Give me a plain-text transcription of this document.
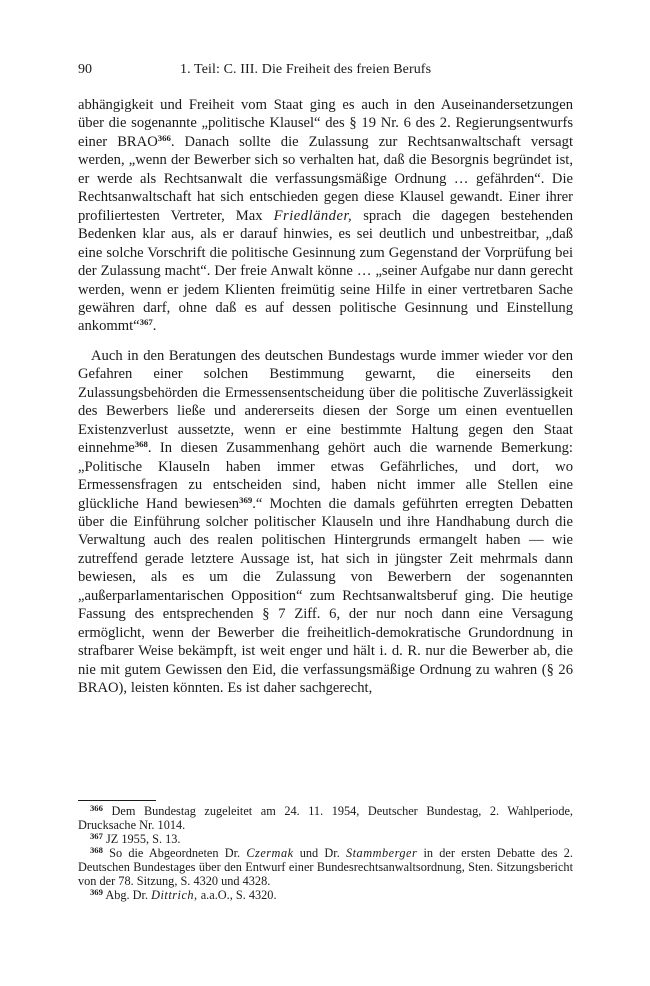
90	1. Teil: C. III. Die Freiheit des freien Berufs

abhängigkeit und Freiheit vom Staat ging es auch in den Auseinandersetzungen über die sogenannte „politische Klausel“ des § 19 Nr. 6 des 2. Regierungsentwurfs einer BRAO$^{366}$. Danach sollte die Zulassung zur Rechtsanwaltschaft versagt werden, „wenn der Bewerber sich so verhalten hat, daß die Besorgnis begründet ist, er werde als Rechtsanwalt die verfassungsmäßige Ordnung … gefährden“. Die Rechtsanwaltschaft hat sich entschieden gegen diese Klausel gewandt. Einer ihrer profiliertesten Vertreter, Max Friedländer, sprach die dagegen bestehenden Bedenken klar aus, als er darauf hinwies, es sei deutlich und unbestreitbar, „daß eine solche Vorschrift die politische Gesinnung zum Gegenstand der Vorprüfung bei der Zulassung macht“. Der freie Anwalt könne … „seiner Aufgabe nur dann gerecht werden, wenn er jedem Klienten freimütig seine Hilfe in einer vertretbaren Sache gewähren darf, ohne daß es auf dessen politische Gesinnung und Einstellung ankommt“$^{367}$.

Auch in den Beratungen des deutschen Bundestags wurde immer wieder vor den Gefahren einer solchen Bestimmung gewarnt, die einerseits den Zulassungsbehörden die Ermessensentscheidung über die politische Zuverlässigkeit des Bewerbers ließe und andererseits diesen der Sorge um einen eventuellen Existenzverlust aussetzte, wenn er eine bestimmte Haltung gegen den Staat einnehme$^{368}$. In diesen Zusammenhang gehört auch die warnende Bemerkung: „Politische Klauseln haben immer etwas Gefährliches, und dort, wo Ermessensfragen zu entscheiden sind, haben nicht immer alle Stellen eine glückliche Hand bewiesen$^{369}$.“ Mochten die damals geführten erregten Debatten über die Einführung solcher politischer Klauseln und ihre Handhabung durch die Verwaltung auch des realen politischen Hintergrunds ermangelt haben — wie zutreffend gerade letztere Aussage ist, hat sich in jüngster Zeit mehrmals dann bewiesen, als es um die Zulassung von Bewerbern der sogenannten „außerparlamentarischen Opposition“ zum Rechtsanwaltsberuf ging. Die heutige Fassung des entsprechenden § 7 Ziff. 6, der nur noch dann eine Versagung ermöglicht, wenn der Bewerber die freiheitlich-demokratische Grundordnung in strafbarer Weise bekämpft, ist weit enger und hält i. d. R. nur die Bewerber ab, die nie mit gutem Gewissen den Eid, die verfassungsmäßige Ordnung zu wahren (§ 26 BRAO), leisten könnten. Es ist daher sachgerecht,

$^{366}$ Dem Bundestag zugeleitet am 24. 11. 1954, Deutscher Bundestag, 2. Wahlperiode, Drucksache Nr. 1014.

$^{367}$ JZ 1955, S. 13.

$^{368}$ So die Abgeordneten Dr. Czermak und Dr. Stammberger in der ersten Debatte des 2. Deutschen Bundestages über den Entwurf einer Bundesrechtsanwaltsordnung, Sten. Sitzungsbericht von der 78. Sitzung, S. 4320 und 4328.

$^{369}$ Abg. Dr. Dittrich, a.a.O., S. 4320.
